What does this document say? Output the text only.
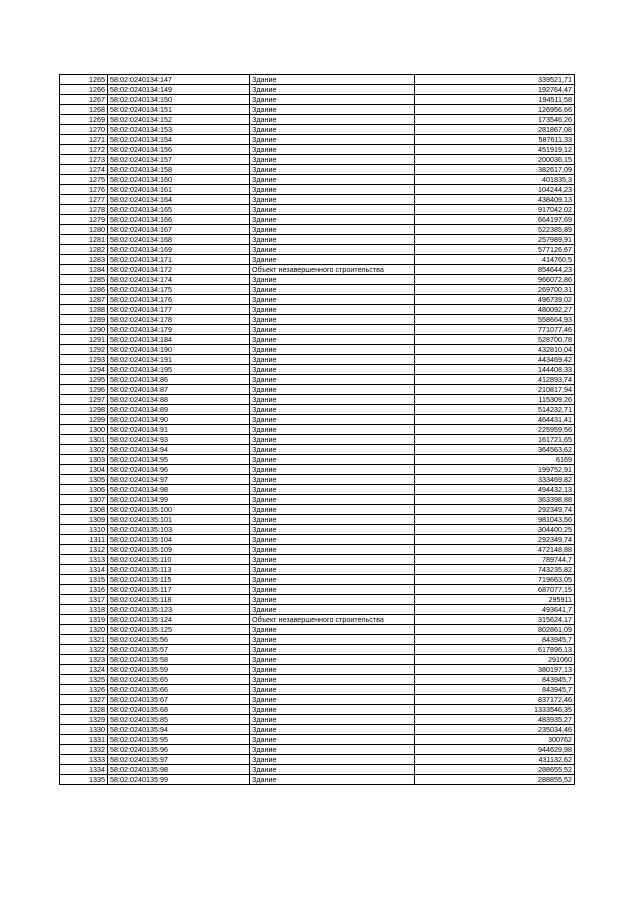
1265	58:02:0240134:147	Здание	339521,71
1266	58:02:0240134:149	Здание	192764,47
1267	58:02:0240134:150	Здание	194511,58
1268	58:02:0240134:151	Здание	126956,66
1269	58:02:0240134:152	Здание	173546,26
1270	58:02:0240134:153	Здание	281867,08
1271	58:02:0240134:154	Здание	587611,33
1272	58:02:0240134:156	Здание	451919,12
1273	58:02:0240134:157	Здание	200036,15
1274	58:02:0240134:158	Здание	382617,09
1275	58:02:0240134:160	Здание	401835,3
1276	58:02:0240134:161	Здание	104244,23
1277	58:02:0240134:164	Здание	438409,13
1278	58:02:0240134:165	Здание	917042,02
1279	58:02:0240134:166	Здание	664197,69
1280	58:02:0240134:167	Здание	522385,89
1281	58:02:0240134:168	Здание	257989,91
1282	58:02:0240134:169	Здание	577126,67
1283	58:02:0240134:171	Здание	414760,5
1284	58:02:0240134:172	Объект незавершенного строительства	854644,23
1285	58:02:0240134:174	Здание	966072,86
1286	58:02:0240134:175	Здание	269700,31
1287	58:02:0240134:176	Здание	496739,02
1288	58:02:0240134:177	Здание	480092,27
1289	58:02:0240134:178	Здание	558664,93
1290	58:02:0240134:179	Здание	771077,46
1291	58:02:0240134:184	Здание	528700,78
1292	58:02:0240134:190	Здание	432810,04
1293	58:02:0240134:191	Здание	443469,42
1294	58:02:0240134:195	Здание	144408,33
1295	58:02:0240134:86	Здание	412893,74
1296	58:02:0240134:87	Здание	210817,94
1297	58:02:0240134:88	Здание	115309,26
1298	58:02:0240134:89	Здание	514232,71
1299	58:02:0240134:90	Здание	464431,41
1300	58:02:0240134:91	Здание	225959,56
1301	58:02:0240134:93	Здание	161721,65
1302	58:02:0240134:94	Здание	364563,62
1303	58:02:0240134:95	Здание	6169
1304	58:02:0240134:96	Здание	199752,91
1305	58:02:0240134:97	Здание	333469,82
1306	58:02:0240134:98	Здание	494432,13
1307	58:02:0240134:99	Здание	363398,88
1308	58:02:0240135:100	Здание	292349,74
1309	58:02:0240135:101	Здание	981043,56
1310	58:02:0240135:103	Здание	304400,25
1311	58:02:0240135:104	Здание	292349,74
1312	58:02:0240135:109	Здание	472148,88
1313	58:02:0240135:110	Здание	789744,7
1314	58:02:0240135:113	Здание	743235,82
1315	58:02:0240135:115	Здание	719663,05
1316	58:02:0240135:117	Здание	687077,15
1317	58:02:0240135:118	Здание	295911
1318	58:02:0240135:123	Здание	493641,7
1319	58:02:0240135:124	Объект незавершенного строительства	315624,17
1320	58:02:0240135:125	Здание	802861,09
1321	58:02:0240135:56	Здание	843945,7
1322	58:02:0240135:57	Здание	617896,13
1323	58:02:0240135:58	Здание	291060
1324	58:02:0240135:59	Здание	380197,13
1325	58:02:0240135:65	Здание	843945,7
1326	58:02:0240135:66	Здание	843945,7
1327	58:02:0240135:67	Здание	837172,46
1328	58:02:0240135:68	Здание	1333546,35
1329	58:02:0240135:85	Здание	483935,27
1330	58:02:0240135:94	Здание	235034,46
1331	58:02:0240135:95	Здание	300762
1332	58:02:0240135:96	Здание	944629,98
1333	58:02:0240135:97	Здание	431132,62
1334	58:02:0240135:98	Здание	288655,52
1335	58:02:0240135:99	Здание	288855,52
